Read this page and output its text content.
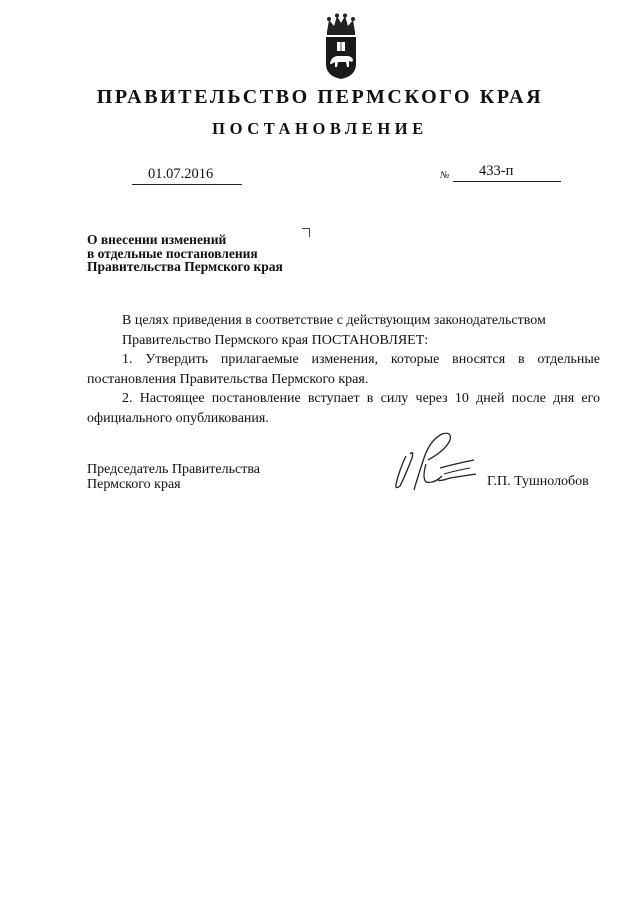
ПРАВИТЕЛЬСТВО ПЕРМСКОГО КРАЯ
ПОСТАНОВЛЕНИЕ
01.07.2016	№ 433-п
О внесении изменений
в отдельные постановления
Правительства Пермского края
В целях приведения в соответствие с действующим законодательством
Правительство Пермского края ПОСТАНОВЛЯЕТ:
1. Утвердить прилагаемые изменения, которые вносятся в отдельные постановления Правительства Пермского края.
2. Настоящее постановление вступает в силу через 10 дней после дня его официального опубликования.
Председатель Правительства
Пермского края	Г.П. Тушнолобов
